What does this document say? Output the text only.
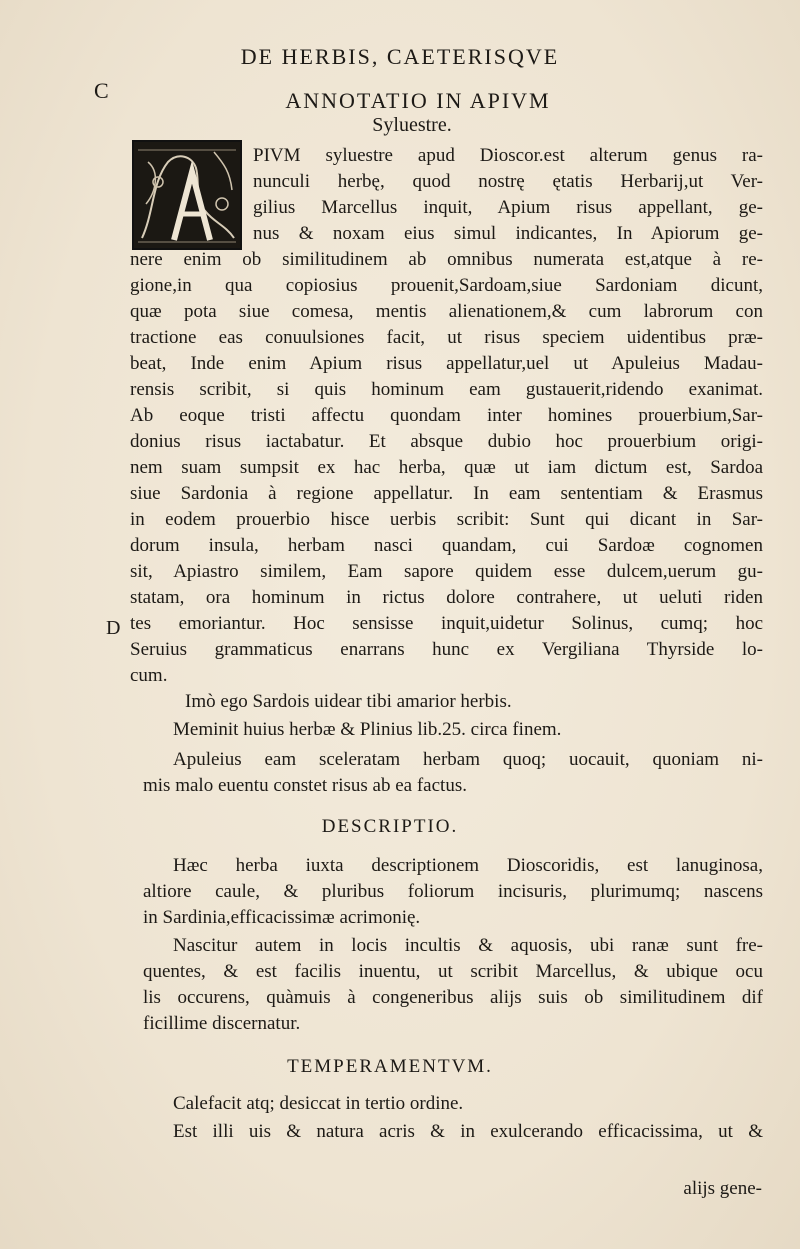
DE HERBIS, CAETERISQVE
C
D
ANNOTATIO IN APIVM
Syluestre.
PIVM syluestre apud Dioscor.est alterum genus ra-
nunculi herbę, quod nostrę ętatis Herbarij,ut Ver-
gilius Marcellus inquit, Apium risus appellant, ge-
nus & noxam eius simul indicantes, In Apiorum ge-
nere enim ob similitudinem ab omnibus numerata est,atque à re-
gione,in qua copiosius prouenit,Sardoam,siue Sardoniam dicunt,
quæ pota siue comesa, mentis alienationem,& cum labrorum con
tractione eas conuulsiones facit, ut risus speciem uidentibus præ-
beat, Inde enim Apium risus appellatur,uel ut Apuleius Madau-
rensis scribit, si quis hominum eam gustauerit,ridendo exanimat.
Ab eoque tristi affectu quondam inter homines prouerbium,Sar-
donius risus iactabatur. Et absque dubio hoc prouerbium origi-
nem suam sumpsit ex hac herba, quæ ut iam dictum est, Sardoa
siue Sardonia à regione appellatur. In eam sententiam & Erasmus
in eodem prouerbio hisce uerbis scribit: Sunt qui dicant in Sar-
dorum insula, herbam nasci quandam, cui Sardoæ cognomen
sit, Apiastro similem, Eam sapore quidem esse dulcem,uerum gu-
statam, ora hominum in rictus dolore contrahere, ut ueluti riden
tes emoriantur. Hoc sensisse inquit,uidetur Solinus, cumq; hoc
Seruius grammaticus enarrans hunc ex Vergiliana Thyrside lo-
cum.
Imò ego Sardois uidear tibi amarior herbis.
Meminit huius herbæ & Plinius lib.25. circa finem.
Apuleius eam sceleratam herbam quoq; uocauit, quoniam ni-
mis malo euentu constet risus ab ea factus.
DESCRIPTIO.
Hæc herba iuxta descriptionem Dioscoridis, est lanuginosa,
altiore caule, & pluribus foliorum incisuris, plurimumq; nascens
in Sardinia,efficacissimæ acrimonię.
Nascitur autem in locis incultis & aquosis, ubi ranæ sunt fre-
quentes, & est facilis inuentu, ut scribit Marcellus, & ubique ocu
lis occurens, quàmuis à congeneribus alijs suis ob similitudinem dif
ficillime discernatur.
TEMPERAMENTVM.
Calefacit atq; desiccat in tertio ordine.
Est illi uis & natura acris & in exulcerando efficacissima, ut &
alijs gene-
